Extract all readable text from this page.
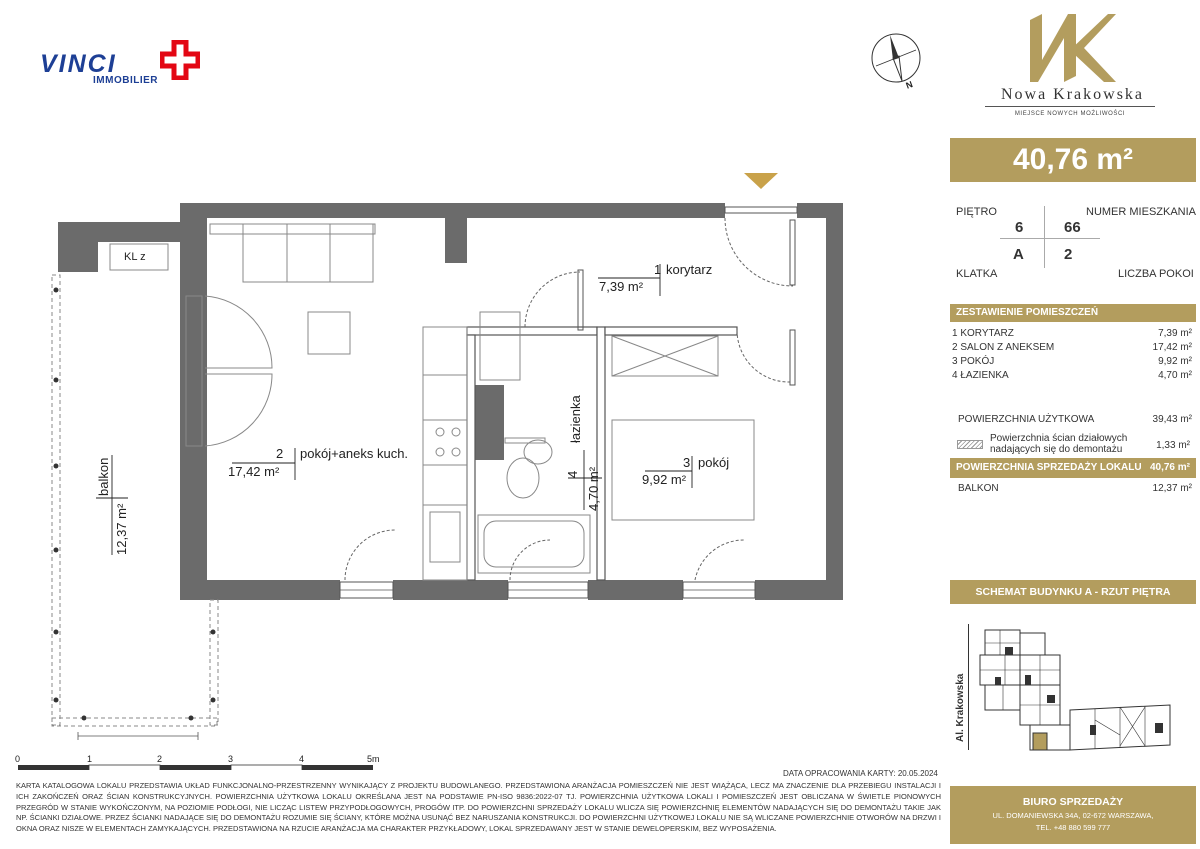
VINCI
IMMOBILIER
Nowa Krakowska
MIEJSCE NOWYCH MOŻLIWOŚCI
N
40,76 m²
PIĘTRO	NUMER MIESZKANIA
6	66
A	2
KLATKA	LICZBA POKOI
ZESTAWIENIE POMIESZCZEŃ
1 KORYTARZ	7,39 m²
2 SALON Z ANEKSEM	17,42 m²
3 POKÓJ	9,92 m²
4 ŁAZIENKA	4,70 m²
POWIERZCHNIA UŻYTKOWA	39,43 m²
Powierzchnia ścian działowych
nadających się do demontażu	1,33 m²
POWIERZCHNIA SPRZEDAŻY LOKALU 40,76 m²
BALKON	12,37 m²
SCHEMAT BUDYNKU A - RZUT PIĘTRA
Al. Krakowska
BIURO SPRZEDAŻY
UL. DOMANIEWSKA 34A, 02-672 WARSZAWA,
TEL. +48 880 599 777
KL z
1 korytarz
7,39 m²
2 pokój+aneks kuch.
17,42 m²
3 pokój
9,92 m²
4
łazienka
4,70 m²
balkon
12,37 m²
0	1	2	3	4	5m
DATA OPRACOWANIA KARTY: 20.05.2024
KARTA KATALOGOWA LOKALU PRZEDSTAWIA UKŁAD FUNKCJONALNO-PRZESTRZENNY WYNIKAJĄCY Z PROJEKTU BUDOWLANEGO. PRZEDSTAWIONA ARANŻACJA POMIESZCZEŃ NIE JEST WIĄŻĄCA, LECZ MA ZNACZENIE DLA PRZEBIEGU INSTALACJI I ICH ZAKOŃCZEŃ ORAZ ŚCIAN KONSTRUKCYJNYCH. POWIERZCHNIA UŻYTKOWA LOKALU OKREŚLANA JEST NA PODSTAWIE PN-ISO 9836:2022-07 TJ. POWIERZCHNIA UŻYTKOWA LOKALI I POMIESZCZEŃ JEST OBLICZANA W ŚWIETLE PIONOWYCH PRZEGRÓD W STANIE WYKOŃCZONYM, NA POZIOMIE PODŁOGI, NIE LICZĄC LISTEW PRZYPODŁOGOWYCH, PROGÓW ITP. DO POWIERZCHNI SPRZEDAŻY LOKALU WLICZA SIĘ POWIERZCHNIĘ ELEMENTÓW NADAJĄCYCH SIĘ DO DEMONTAŻU TAKIE JAK NP. ŚCIANKI DZIAŁOWE. PRZEZ ŚCIANKI NADAJĄCE SIĘ DO DEMONTAŻU ROZUMIE SIĘ ŚCIANY, KTÓRE MOŻNA USUNĄĆ BEZ NARUSZANIA KONSTRUKCJI. DO POWIERZCHNI UŻYTKOWEJ LOKALU NIE SĄ WLICZANE POWIERZCHNIE OTWORÓW NA DRZWI I OKNA ORAZ NISZE W ELEMENTACH ZAMYKAJĄCYCH. PRZEDSTAWIONA NA RZUCIE ARANŻACJA MA CHARAKTER PRZYKŁADOWY, LOKAL SPRZEDAWANY JEST W STANIE DEWELOPERSKIM, BEZ WYPOSAŻENIA.
